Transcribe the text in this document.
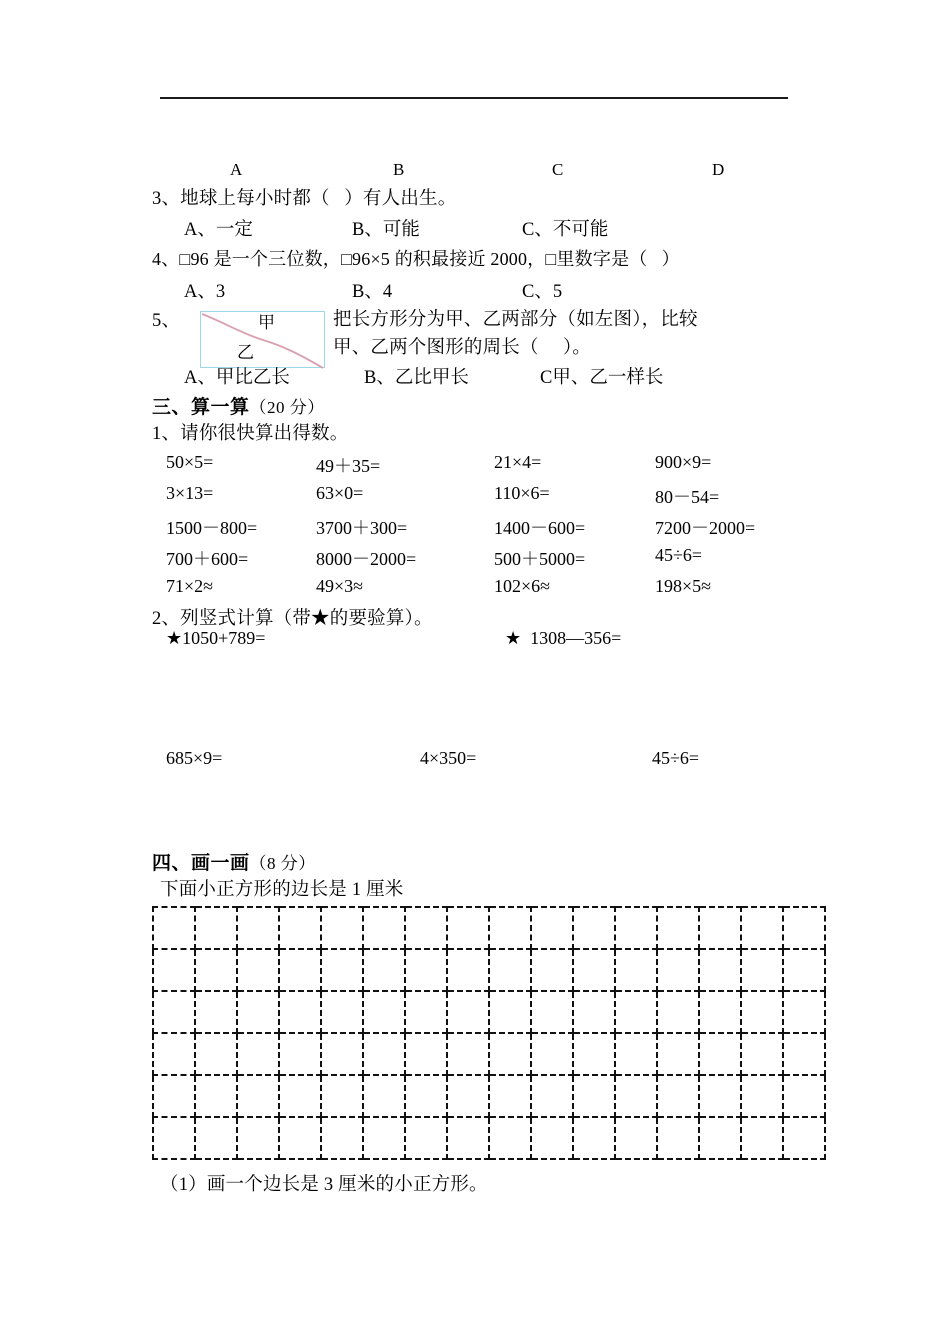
A	B	C	D
3、地球上每小时都（   ）有人出生。

A、一定

	B、可能

	C、不可能

4、□96 是一个三位数，□96×5 的积最接近 2000，□里数字是（   ）

A、3

	B、4

	C、5

5、	甲
乙
把长方形分为甲、乙两部分（如左图），比较
甲、乙两个图形的周长（     ）。

A、甲比乙长

	B、乙比甲长

	C甲、乙一样长

三、算一算（20 分）
1、请你很快算出得数。
50×5=	49＋35=	21×4=	900×9=
3×13=	63×0=	110×6=	80－54=
1500－800=	3700＋300=	1400－600=	7200－2000=
700＋600=	8000－2000=	500＋5000=	45÷6=
71×2≈	49×3≈	102×6≈	198×5≈
2、列竖式计算（带★的要验算）。
★1050+789=	★  1308—356=
685×9=	4×350=	45÷6=
四、画一画（8 分）
下面小正方形的边长是 1 厘米

（1）画一个边长是 3 厘米的小正方形。
